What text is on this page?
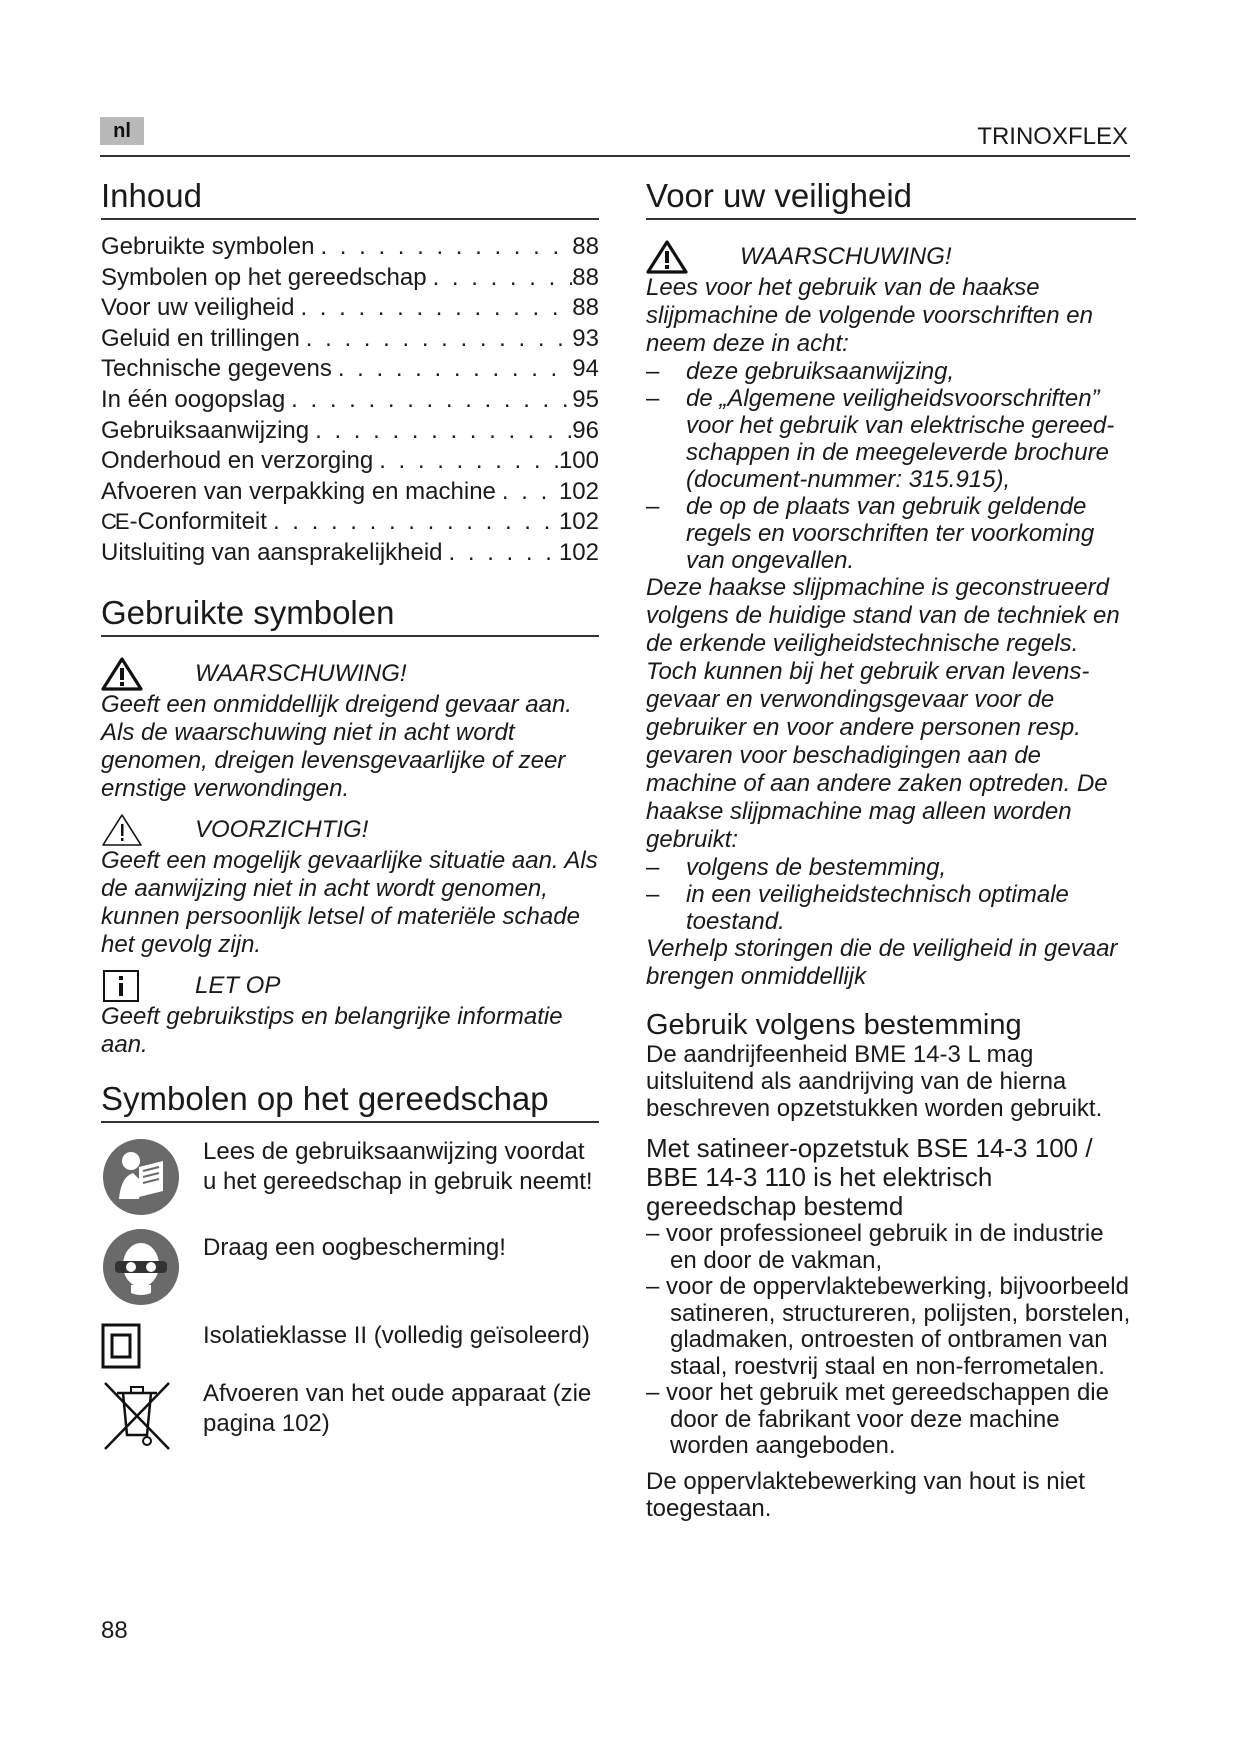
nl	TRINOXFLEX
Inhoud
Gebruikte symbolen . . .	88
Symbolen op het gereedschap . . .	88
Voor uw veiligheid . . .	88
Geluid en trillingen . . .	93
Technische gegevens . . .	94
In één oogopslag . . .	95
Gebruiksaanwijzing . . .	96
Onderhoud en verzorging . . .	100
Afvoeren van verpakking en machine . . .	102
CE -Conformiteit . . .	102
Uitsluiting van aansprakelijkheid . . .	102
Gebruikte symbolen
WAARSCHUWING!
Geeft een onmiddellijk dreigend gevaar aan. Als de waarschuwing niet in acht wordt genomen, dreigen levensgevaarlijke of zeer ernstige verwondingen.
VOORZICHTIG!
Geeft een mogelijk gevaarlijke situatie aan. Als de aanwijzing niet in acht wordt genomen, kunnen persoonlijk letsel of materiële schade het gevolg zijn.
LET OP
Geeft gebruikstips en belangrijke informatie aan.
Symbolen op het gereedschap
Lees de gebruiksaanwijzing voordat u het gereedschap in gebruik neemt!
Draag een oogbescherming!
Isolatieklasse II (volledig geïsoleerd)
Afvoeren van het oude apparaat (zie pagina 102)
Voor uw veiligheid
WAARSCHUWING!
Lees voor het gebruik van de haakse slijpmachine de volgende voorschriften en neem deze in acht:
–	deze gebruiksaanwijzing,
–	de „Algemene veiligheidsvoorschriften” voor het gebruik van elektrische gereed-schappen in de meegeleverde brochure (document-nummer: 315.915),
–	de op de plaats van gebruik geldende regels en voorschriften ter voorkoming van ongevallen.
Deze haakse slijpmachine is geconstrueerd volgens de huidige stand van de techniek en de erkende veiligheidstechnische regels. Toch kunnen bij het gebruik ervan levens-gevaar en verwondingsgevaar voor de gebruiker en voor andere personen resp. gevaren voor beschadigingen aan de machine of aan andere zaken optreden. De haakse slijpmachine mag alleen worden gebruikt:
–	volgens de bestemming,
–	in een veiligheidstechnisch optimale toestand.
Verhelp storingen die de veiligheid in gevaar brengen onmiddellijk
Gebruik volgens bestemming
De aandrijfeenheid BME 14-3 L mag uitsluitend als aandrijving van de hierna beschreven opzetstukken worden gebruikt.
Met satineer-opzetstuk BSE 14-3 100 / BBE 14-3 110 is het elektrisch gereedschap bestemd
– voor professioneel gebruik in de industrie en door de vakman,
– voor de oppervlaktebewerking, bijvoorbeeld satineren, structureren, polijsten, borstelen, gladmaken, ontroesten of ontbramen van staal, roestvrij staal en non-ferrometalen.
– voor het gebruik met gereedschappen die door de fabrikant voor deze machine worden aangeboden.
De oppervlaktebewerking van hout is niet toegestaan.
88
